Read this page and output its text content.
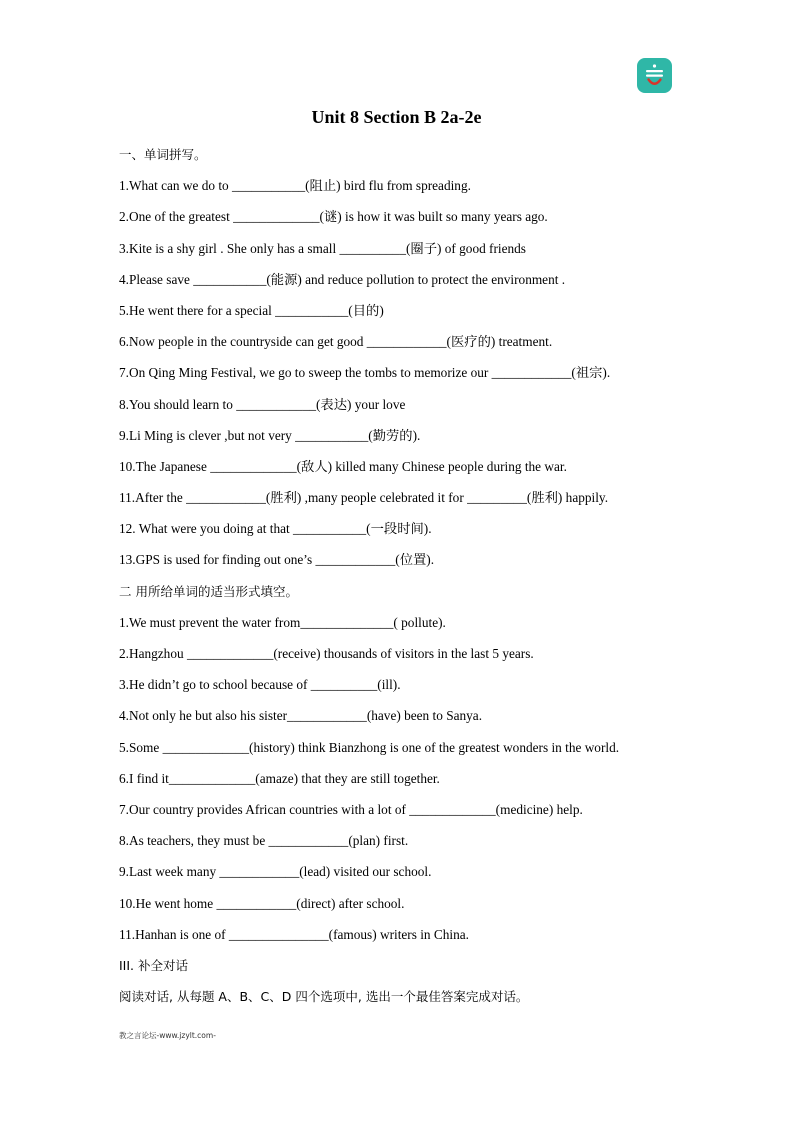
Unit 8 Section B 2a-2e
一、单词拼写。
1.What can we do to ___________(阻止) bird flu from spreading.
2.One of the greatest _____________(谜) is how it was built so many years ago.
3.Kite is a shy girl . She only has a small __________(圈子) of good friends
4.Please save ___________(能源) and reduce pollution to protect the environment .
5.He went there for a special ___________(目的)
6.Now people in the countryside can get good ____________(医疗的) treatment.
7.On Qing Ming Festival, we go to sweep the tombs to memorize our ____________(祖宗).
8.You should learn to ____________(表达) your love
9.Li Ming is clever ,but not very ___________(勤劳的).
10.The Japanese _____________(敌人) killed many Chinese people during the war.
11.After the ____________(胜利) ,many people celebrated it for _________(胜利) happily.
12. What were you doing at that ___________(一段时间).
13.GPS is used for finding out one’s ____________(位置).
二 用所给单词的适当形式填空。
1.We must prevent the water from______________( pollute).
2.Hangzhou _____________(receive) thousands of visitors in the last 5 years.
3.He didn’t go to school because of __________(ill).
4.Not only he but also his sister____________(have) been to Sanya.
5.Some _____________(history) think Bianzhong is one of the greatest wonders in the world.
6.I find it_____________(amaze) that they are still together.
7.Our country provides African countries with a lot of _____________(medicine) help.
8.As teachers, they must be ____________(plan) first.
9.Last week many ____________(lead) visited our school.
10.He went home ____________(direct) after school.
11.Hanhan is one of _______________(famous) writers in China.
III. 补全对话
阅读对话, 从每题 A、B、C、D 四个选项中, 选出一个最佳答案完成对话。
教之言论坛-www.jzylt.com-
